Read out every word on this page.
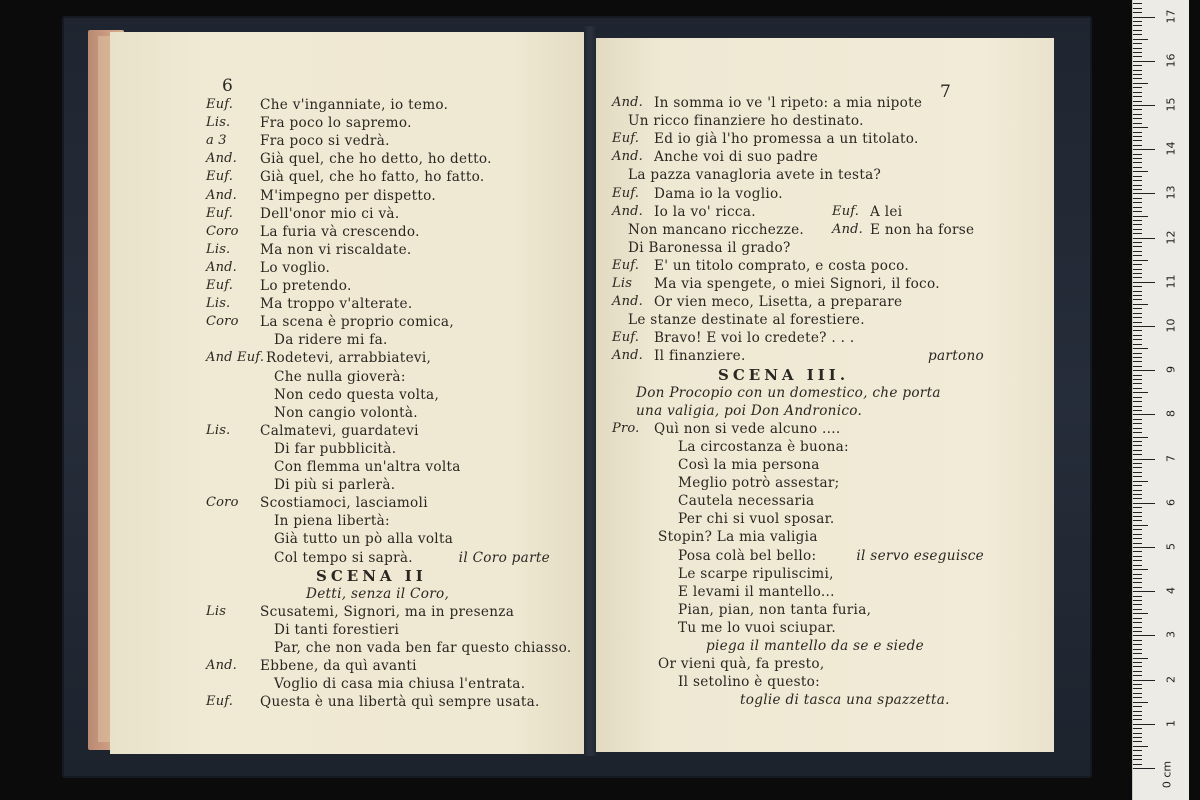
6
Euf. Che v'inganniate, io temo.
Lis. Fra poco lo sapremo.
a 3 Fra poco si vedrà.
And. Già quel, che ho detto, ho detto.
Euf. Già quel, che ho fatto, ho fatto.
And. M'impegno per dispetto.
Euf. Dell'onor mio ci và.
Coro La furia và crescendo.
Lis. Ma non vi riscaldate.
And. Lo voglio.
Euf. Lo pretendo.
Lis. Ma troppo v'alterate.
Coro La scena è proprio comica,
Da ridere mi fa.
And Euf. Rodetevi, arrabbiatevi,
Che nulla gioverà:
Non cedo questa volta,
Non cangio volontà.
Lis. Calmatevi, guardatevi
Di far pubblicità.
Con flemma un'altra volta
Di più si parlerà.
Coro Scostiamoci, lasciamoli
In piena libertà:
Già tutto un pò alla volta
Col tempo si saprà.	il Coro parte
SCENA II
Detti, senza il Coro,
Lis Scusatemi, Signori, ma in presenza
Di tanti forestieri
Par, che non vada ben far questo chiasso.
And. Ebbene, da quì avanti
Voglio di casa mia chiusa l'entrata.
Euf. Questa è una libertà quì sempre usata.
7
And. In somma io ve 'l ripeto: a mia nipote
Un ricco finanziere ho destinato.
Euf. Ed io già l'ho promessa a un titolato.
And. Anche voi di suo padre
La pazza vanagloria avete in testa?
Euf. Dama io la voglio.
And. Io la vo' ricca.	Euf. A lei
Non mancano ricchezze. And. E non ha forse
Di Baronessa il grado?
Euf. E' un titolo comprato, e costa poco.
Lis Ma via spengete, o miei Signori, il foco.
And. Or vien meco, Lisetta, a preparare
Le stanze destinate al forestiere.
Euf. Bravo! E voi lo credete? . . .
And. Il finanziere.	partono
SCENA III.
Don Procopio con un domestico, che porta
una valigia, poi Don Andronico.
Pro. Quì non si vede alcuno ....
La circostanza è buona:
Così la mia persona
Meglio potrò assestar;
Cautela necessaria
Per chi si vuol sposar.
Stopin? La mia valigia
Posa colà bel bello:	il servo eseguisce
Le scarpe ripuliscimi,
E levami il mantello...
Pian, pian, non tanta furia,
Tu me lo vuoi sciupar.
piega il mantello da se e siede
Or vieni quà, fa presto,
Il setolino è questo:
toglie di tasca una spazzetta.
17
16
15
14
13
12
11
10
9
8
7
6
5
4
3
2
1
0 cm
